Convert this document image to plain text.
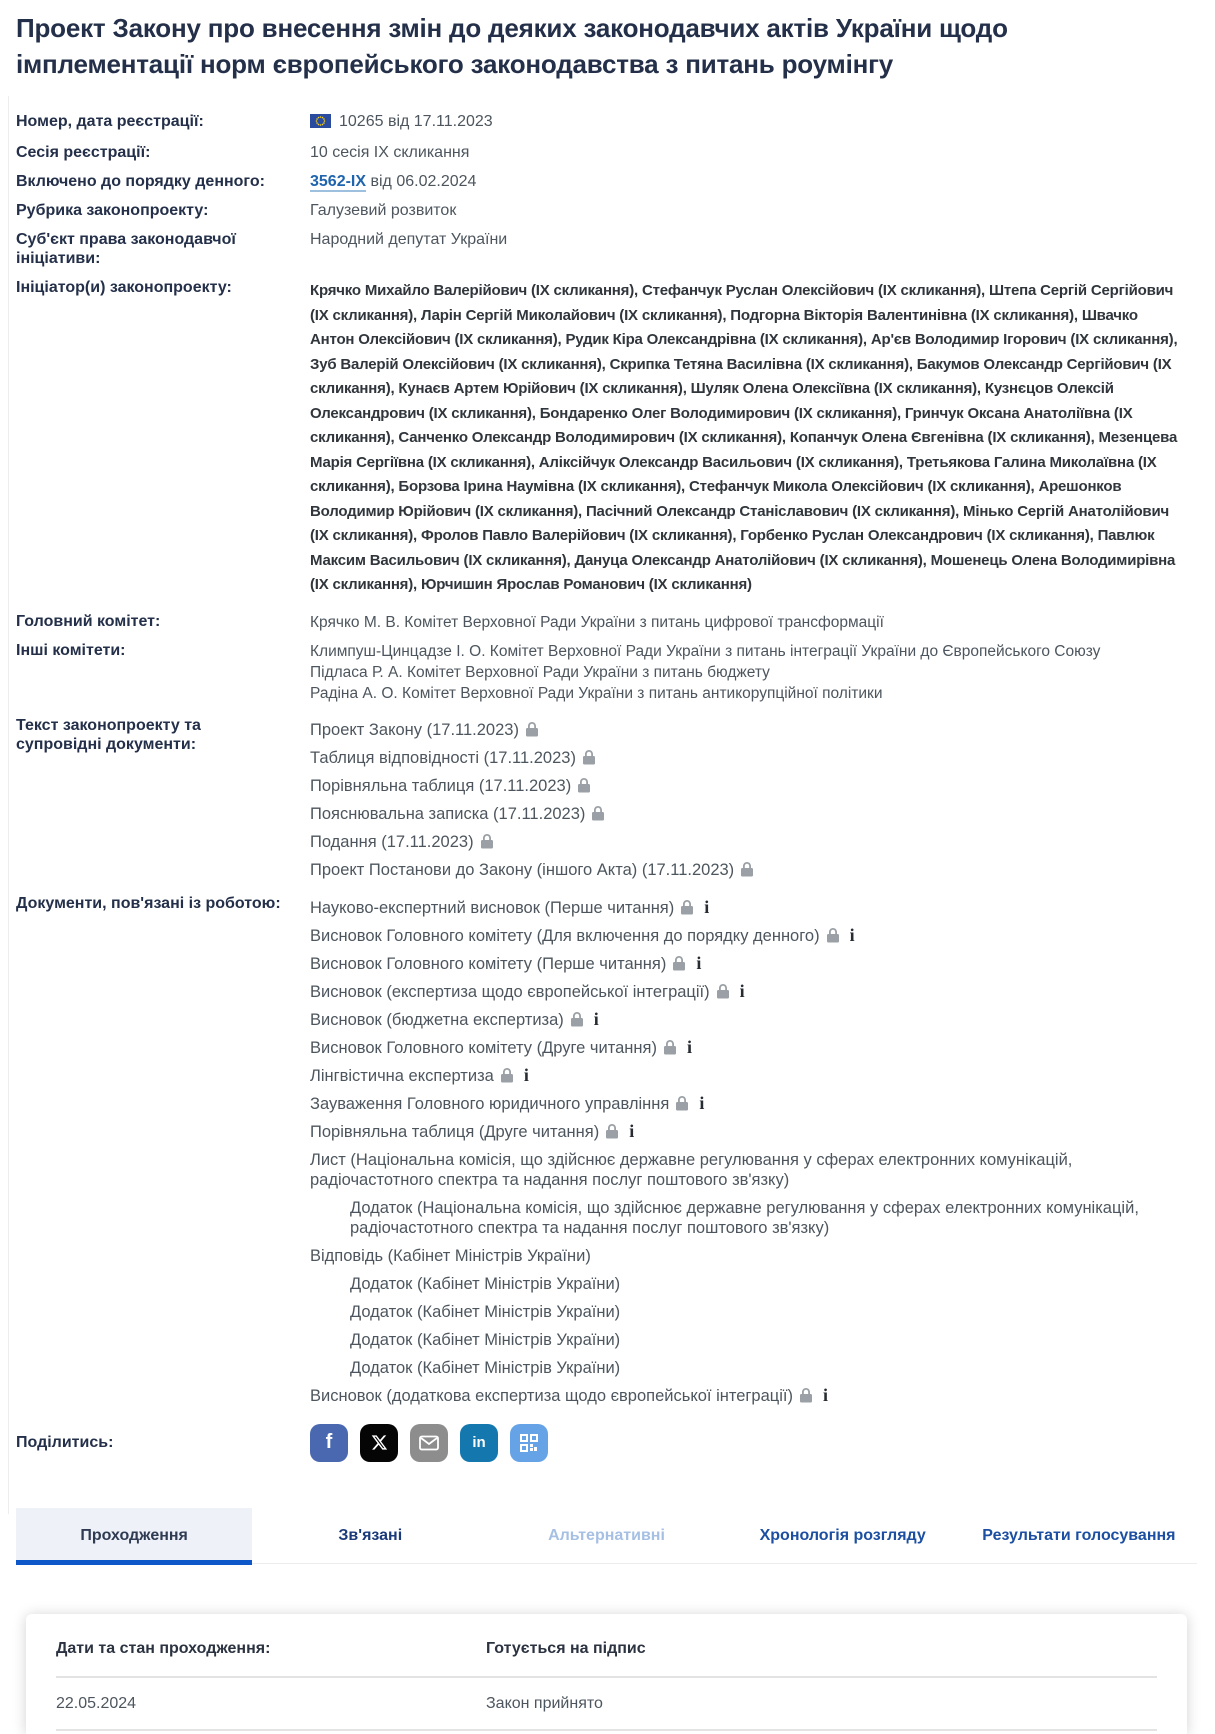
Проект Закону про внесення змін до деяких законодавчих актів України щодо імплементації норм європейського законодавства з питань роумінгу
Номер, дата реєстрації:	10265 від 17.11.2023
Сесія реєстрації:	10 сесія ІХ скликання
Включено до порядку денного:	3562-IX від 06.02.2024
Рубрика законопроекту:	Галузевий розвиток
Суб'єкт права законодавчої ініціативи:
Народний депутат України
Ініціатор(и) законопроекту:	Крячко Михайло Валерійович (ІХ скликання), Стефанчук Руслан Олексійович (ІХ скликання), Штепа Сергій Сергійович (ІХ скликання), Ларін Сергій Миколайович (ІХ скликання), Подгорна Вікторія Валентинівна (ІХ скликання), Швачко Антон Олексійович (ІХ скликання), Рудик Кіра Олександрівна (ІХ скликання), Ар'єв Володимир Ігорович (ІХ скликання), Зуб Валерій Олексійович (ІХ скликання), Скрипка Тетяна Василівна (ІХ скликання), Бакумов Олександр Сергійович (ІХ скликання), Кунаєв Артем Юрійович (ІХ скликання), Шуляк Олена Олексіївна (ІХ скликання), Кузнєцов Олексій Олександрович (ІХ скликання), Бондаренко Олег Володимирович (ІХ скликання), Гринчук Оксана Анатоліївна (ІХ скликання), Санченко Олександр Володимирович (ІХ скликання), Копанчук Олена Євгенівна (ІХ скликання), Мезенцева Марія Сергіївна (ІХ скликання), Аліксійчук Олександр Васильович (ІХ скликання), Третьякова Галина Миколаївна (ІХ скликання), Борзова Ірина Наумівна (ІХ скликання), Стефанчук Микола Олексійович (ІХ скликання), Арешонков Володимир Юрійович (ІХ скликання), Пасічний Олександр Станіславович (ІХ скликання), Мінько Сергій Анатолійович (ІХ скликання), Фролов Павло Валерійович (ІХ скликання), Горбенко Руслан Олександрович (ІХ скликання), Павлюк Максим Васильович (ІХ скликання), Дануца Олександр Анатолійович (ІХ скликання), Мошенець Олена Володимирівна (ІХ скликання), Юрчишин Ярослав Романович (ІХ скликання)
Головний комітет:	Крячко М. В. Комітет Верховної Ради України з питань цифрової трансформації
Інші комітети:	Климпуш-Цинцадзе І. О. Комітет Верховної Ради України з питань інтеграції України до Європейського Союзу
Підласа Р. А. Комітет Верховної Ради України з питань бюджету
Радіна А. О. Комітет Верховної Ради України з питань антикорупційної політики
Текст законопроекту та супровідні документи:
Проект Закону (17.11.2023)
Таблиця відповідності (17.11.2023)
Порівняльна таблиця (17.11.2023)
Пояснювальна записка (17.11.2023)
Подання (17.11.2023)
Проект Постанови до Закону (іншого Акта) (17.11.2023)
Документи, пов'язані із роботою:	Науково-експертний висновок (Перше читання) i
Висновок Головного комітету (Для включення до порядку денного) i
Висновок Головного комітету (Перше читання) i
Висновок (експертиза щодо європейської інтеграції) i
Висновок (бюджетна експертиза) i
Висновок Головного комітету (Друге читання) i
Лінгвістична експертиза i
Зауваження Головного юридичного управління i
Порівняльна таблиця (Друге читання) i
Лист (Національна комісія, що здійснює державне регулювання у сферах електронних комунікацій, радіочастотного спектра та надання послуг поштового зв'язку)
Додаток (Національна комісія, що здійснює державне регулювання у сферах електронних комунікацій, радіочастотного спектра та надання послуг поштового зв'язку)
Відповідь (Кабінет Міністрів України)
Додаток (Кабінет Міністрів України)
Додаток (Кабінет Міністрів України)
Додаток (Кабінет Міністрів України)
Додаток (Кабінет Міністрів України)
Висновок (додаткова експертиза щодо європейської інтеграції) i
Поділитись:	f	in
Проходження	Зв'язані	Альтернативні	Хронологія розгляду	Результати голосування
Дати та стан проходження:	Готується на підпис
22.05.2024	Закон прийнято
